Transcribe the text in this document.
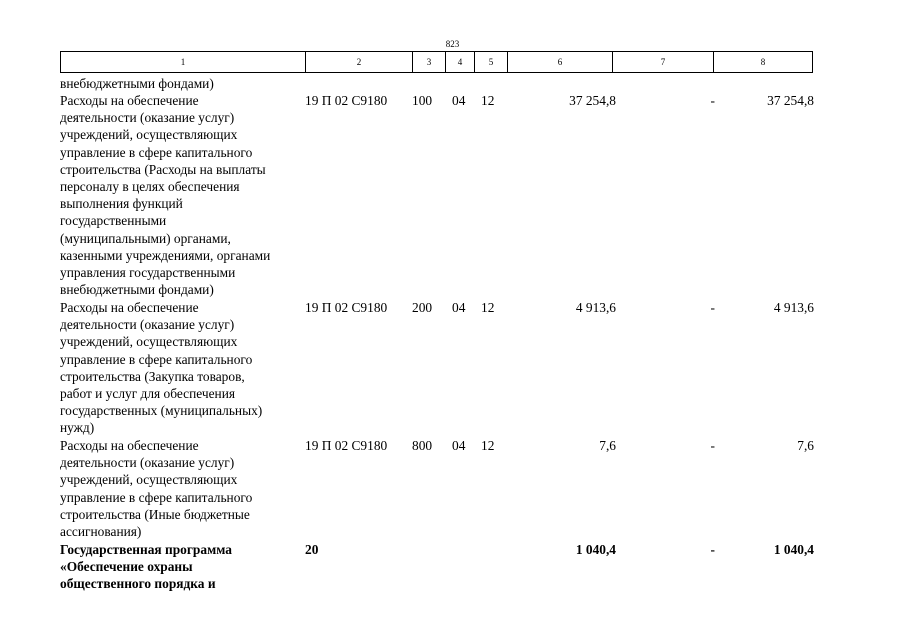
823
1	2	3	4	5	6	7	8
внебюджетными фондами)
Расходы на обеспечение
деятельности (оказание услуг)
учреждений, осуществляющих
управление в сфере капитального
строительства (Расходы на выплаты
персоналу в целях обеспечения
выполнения функций
государственными
(муниципальными) органами,
казенными учреждениями, органами
управления государственными
внебюджетными фондами)
19 П 02 С9180 100 04 12	37 254,8	-	37 254,8
Расходы на обеспечение
деятельности (оказание услуг)
учреждений, осуществляющих
управление в сфере капитального
строительства (Закупка товаров,
работ и услуг для обеспечения
государственных (муниципальных)
нужд)
19 П 02 С9180 200 04 12	4 913,6	-	4 913,6
Расходы на обеспечение
деятельности (оказание услуг)
учреждений, осуществляющих
управление в сфере капитального
строительства (Иные бюджетные
ассигнования)
19 П 02 С9180 800 04 12	7,6	-	7,6
Государственная программа
«Обеспечение охраны
общественного порядка и
20	1 040,4	-	1 040,4
